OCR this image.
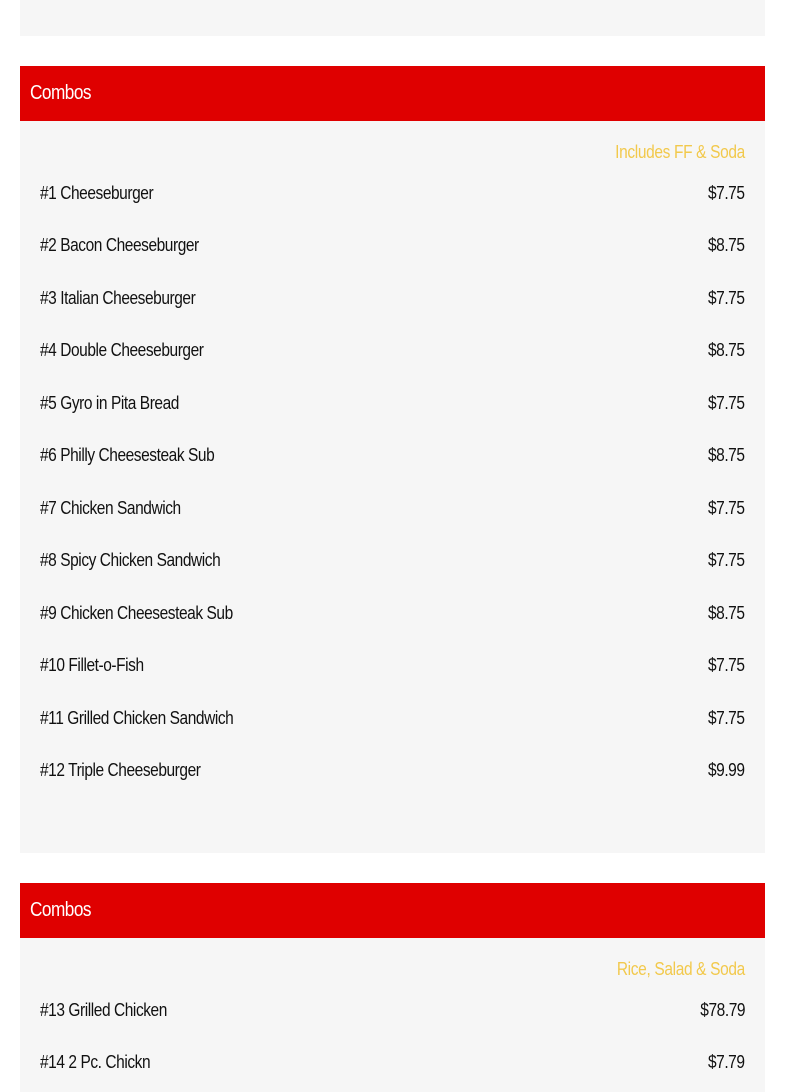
Combos
Includes FF & Soda
#1 Cheeseburger	$7.75
#2 Bacon Cheeseburger	$8.75
#3 Italian Cheeseburger	$7.75
#4 Double Cheeseburger	$8.75
#5 Gyro in Pita Bread	$7.75
#6 Philly Cheesesteak Sub	$8.75
#7 Chicken Sandwich	$7.75
#8 Spicy Chicken Sandwich	$7.75
#9 Chicken Cheesesteak Sub	$8.75
#10 Fillet-o-Fish	$7.75
#11 Grilled Chicken Sandwich	$7.75
#12 Triple Cheeseburger	$9.99
Combos
Rice, Salad & Soda
#13 Grilled Chicken	$78.79
#14 2 Pc. Chickn	$7.79
